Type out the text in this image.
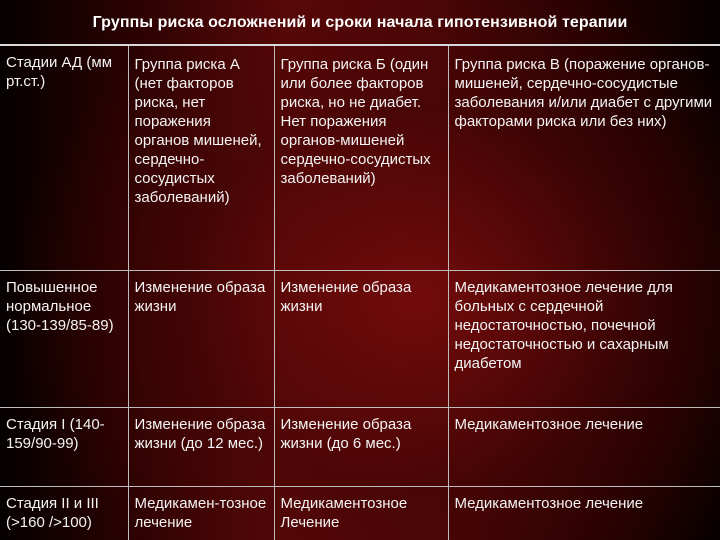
Группы риска осложнений и сроки начала гипотензивной терапии
Стадии АД (мм рт.ст.)	Группа риска А (нет факторов риска, нет поражения органов мишеней, сердечно-сосудистых заболеваний)	Группа риска Б (один или более факторов риска, но не диабет. Нет поражения органов-мишеней сердечно-сосудистых заболеваний)	Группа риска В (поражение органов-мишеней, сердечно-сосудистые заболевания и/или диабет с другими факторами риска или без них)
Повышенное нормальное (130-139/85-89)	Изменение образа жизни	Изменение образа жизни	Медикаментозное лечение для больных с сердечной недостаточностью, почечной недостаточностью и сахарным диабетом
Стадия I (140-159/90-99)	Изменение образа жизни (до 12 мес.)	Изменение образа жизни (до 6 мес.)	Медикаментозное лечение
Стадия II и III (>160 />100)	Медикамен-тозное лечение	Медикаментозное Лечение	Медикаментозное лечение
